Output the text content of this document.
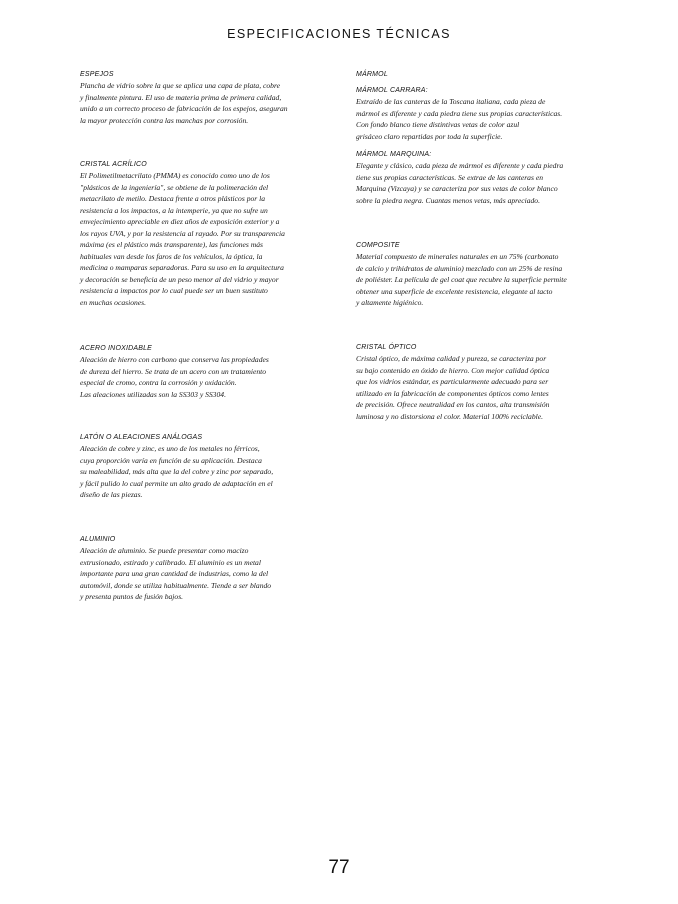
ESPECIFICACIONES TÉCNICAS

ESPEJOS

Plancha de vidrio sobre la que se aplica una capa de plata, cobre
y finalmente pintura. El uso de materia prima de primera calidad,
unido a un correcto proceso de fabricación de los espejos, aseguran
la mayor protección contra las manchas por corrosión.

CRISTAL ACRÍLICO

El Polimetilmetacrilato (PMMA) es conocido como uno de los
"plásticos de la ingeniería", se obtiene de la polimeración del
metacrilato de metilo. Destaca frente a otros plásticos por la
resistencia a los impactos, a la intemperie, ya que no sufre un
envejecimiento apreciable en diez años de exposición exterior y a
los rayos UVA, y por la resistencia al rayado. Por su transparencia
máxima (es el plástico más transparente), las funciones más
habituales van desde los faros de los vehículos, la óptica, la
medicina o mamparas separadoras. Para su uso en la arquitectura
y decoración se beneficia de un peso menor al del vidrio y mayor
resistencia a impactos por lo cual puede ser un buen sustituto
en muchas ocasiones.

ACERO INOXIDABLE

Aleación de hierro con carbono que conserva las propiedades
de dureza del hierro. Se trata de un acero con un tratamiento
especial de cromo, contra la corrosión y oxidación.
Las aleaciones utilizadas son la SS303 y SS304.

LATÓN O ALEACIONES ANÁLOGAS

Aleación de cobre y zinc, es uno de los metales no férricos,
cuya proporción varía en función de su aplicación. Destaca
su maleabilidad, más alta que la del cobre y zinc por separado,
y fácil pulido lo cual permite un alto grado de adaptación en el
diseño de las piezas.

ALUMINIO

Aleación de aluminio. Se puede presentar como macizo
extrusionado, estirado y calibrado. El aluminio es un metal
importante para una gran cantidad de industrias, como la del
automóvil, donde se utiliza habitualmente. Tiende a ser blando
y presenta puntos de fusión bajos.

MÁRMOL

MÁRMOL CARRARA:

Extraído de las canteras de la Toscana italiana, cada pieza de
mármol es diferente y cada piedra tiene sus propias características.
Con fondo blanco tiene distintivas vetas de color azul
grisáceo claro repartidas por toda la superficie.

MÁRMOL MARQUINA:

Elegante y clásico, cada pieza de mármol es diferente y cada piedra
tiene sus propias características. Se extrae de las canteras en
Marquina (Vizcaya) y se caracteriza por sus vetas de color blanco
sobre la piedra negra. Cuantas menos vetas, más apreciado.

COMPOSITE

Material compuesto de minerales naturales en un 75% (carbonato
de calcio y trihidratos de aluminio) mezclado con un 25% de resina
de poliéster. La película de gel coat que recubre la superficie permite
obtener una superficie de excelente resistencia, elegante al tacto
y altamente higiénico.

CRISTAL ÓPTICO

Cristal óptico, de máxima calidad y pureza, se caracteriza por
su bajo contenido en óxido de hierro. Con mejor calidad óptica
que los vidrios estándar, es particularmente adecuado para ser
utilizado en la fabricación de componentes ópticos como lentes
de precisión. Ofrece neutralidad en los cantos, alta transmisión
luminosa y no distorsiona el color. Material 100% reciclable.

77
